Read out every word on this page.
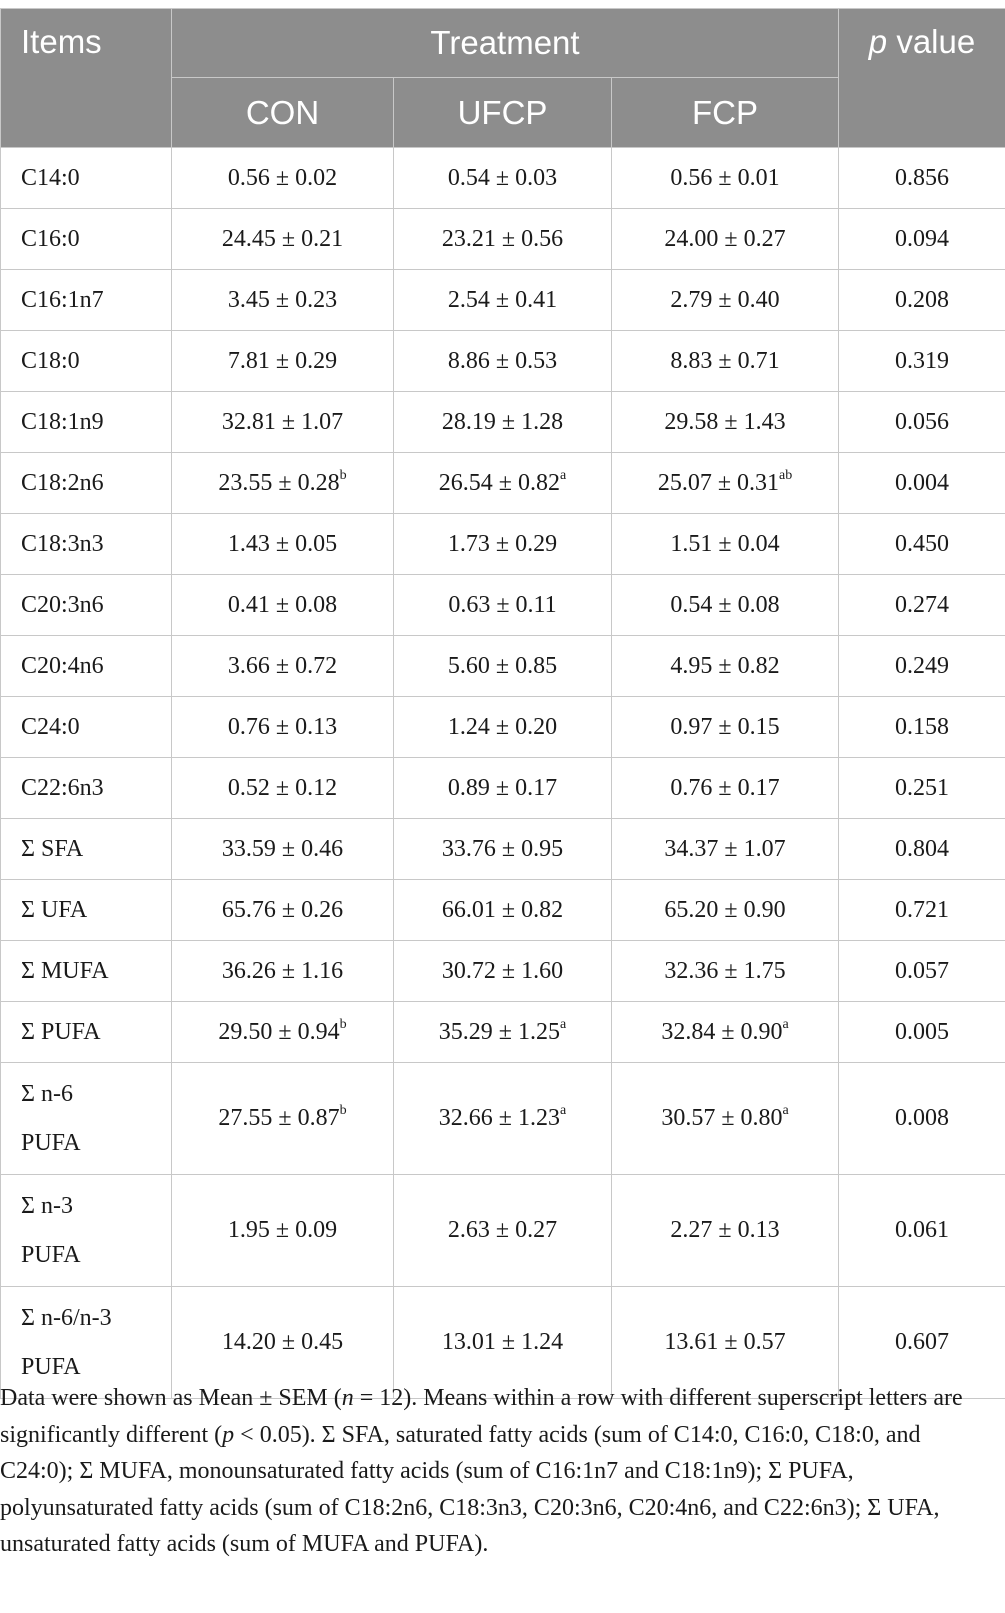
Items	Treatment			p value
	CON	UFCP	FCP	
C14:0	0.56 ± 0.02	0.54 ± 0.03	0.56 ± 0.01	0.856
C16:0	24.45 ± 0.21	23.21 ± 0.56	24.00 ± 0.27	0.094
C16:1n7	3.45 ± 0.23	2.54 ± 0.41	2.79 ± 0.40	0.208
C18:0	7.81 ± 0.29	8.86 ± 0.53	8.83 ± 0.71	0.319
C18:1n9	32.81 ± 1.07	28.19 ± 1.28	29.58 ± 1.43	0.056
C18:2n6	23.55 ± 0.28$^b$	26.54 ± 0.82$^a$	25.07 ± 0.31$^{ab}$	0.004
C18:3n3	1.43 ± 0.05	1.73 ± 0.29	1.51 ± 0.04	0.450
C20:3n6	0.41 ± 0.08	0.63 ± 0.11	0.54 ± 0.08	0.274
C20:4n6	3.66 ± 0.72	5.60 ± 0.85	4.95 ± 0.82	0.249
C24:0	0.76 ± 0.13	1.24 ± 0.20	0.97 ± 0.15	0.158
C22:6n3	0.52 ± 0.12	0.89 ± 0.17	0.76 ± 0.17	0.251
Σ SFA	33.59 ± 0.46	33.76 ± 0.95	34.37 ± 1.07	0.804
Σ UFA	65.76 ± 0.26	66.01 ± 0.82	65.20 ± 0.90	0.721
Σ MUFA	36.26 ± 1.16	30.72 ± 1.60	32.36 ± 1.75	0.057
Σ PUFA	29.50 ± 0.94$^b$	35.29 ± 1.25$^a$	32.84 ± 0.90$^a$	0.005
Σ n-6
PUFA	27.55 ± 0.87$^b$	32.66 ± 1.23$^a$	30.57 ± 0.80$^a$	0.008
Σ n-3
PUFA	1.95 ± 0.09	2.63 ± 0.27	2.27 ± 0.13	0.061
Σ n-6/n-3
PUFA	14.20 ± 0.45	13.01 ± 1.24	13.61 ± 0.57	0.607

Data were shown as Mean ± SEM (n = 12). Means within a row with different superscript letters are significantly different (p < 0.05). Σ SFA, saturated fatty acids (sum of C14:0, C16:0, C18:0, and C24:0); Σ MUFA, monounsaturated fatty acids (sum of C16:1n7 and C18:1n9); Σ PUFA, polyunsaturated fatty acids (sum of C18:2n6, C18:3n3, C20:3n6, C20:4n6, and C22:6n3); Σ UFA, unsaturated fatty acids (sum of MUFA and PUFA).
